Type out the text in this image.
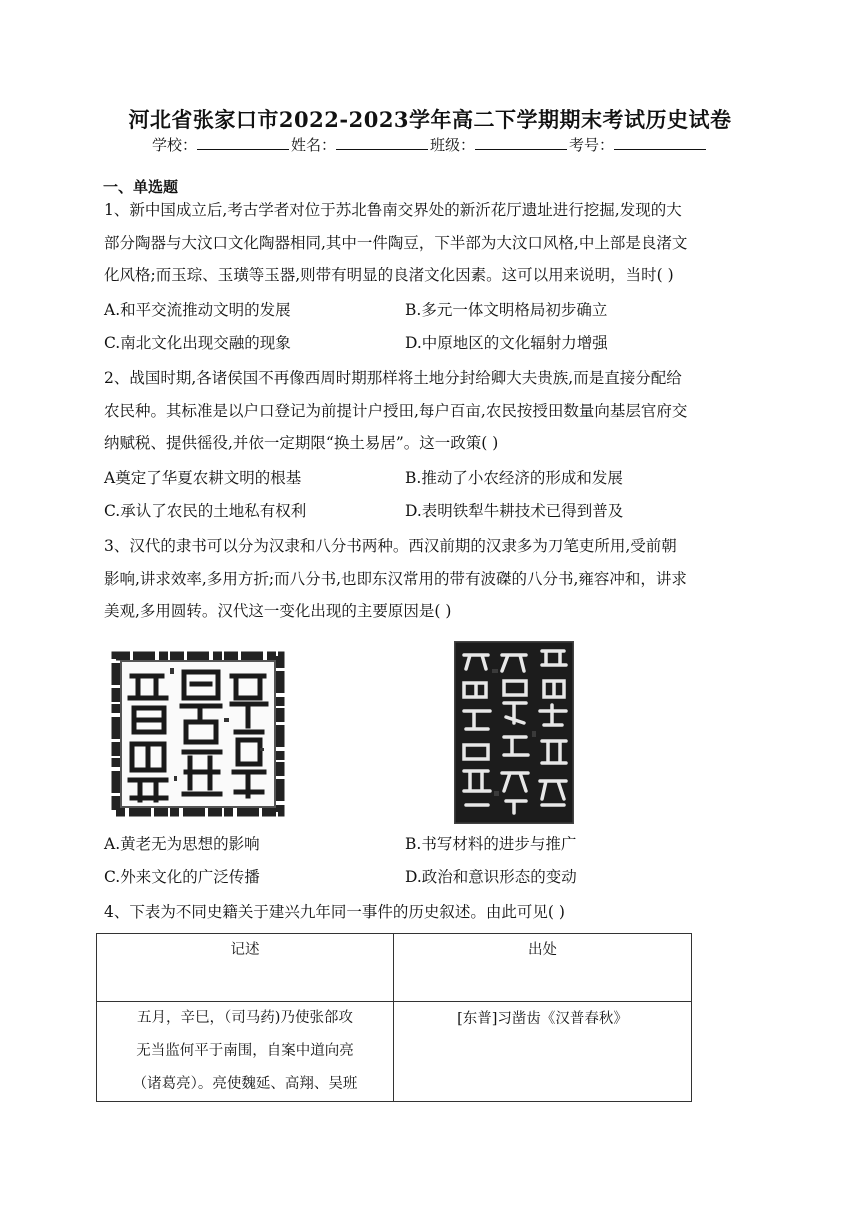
河北省张家口市2022-2023学年高二下学期期末考试历史试卷
学校：	姓名：	班级：	考号：
一、单选题
1、新中国成立后,考古学者对位于苏北鲁南交界处的新沂花厅遗址进行挖掘,发现的大
部分陶器与大汶口文化陶器相同,其中一件陶豆，下半部为大汶口风格,中上部是良渚文
化风格;而玉琮、玉璜等玉器,则带有明显的良渚文化因素。这可以用来说明，当时( )
A.和平交流推动文明的发展	B.多元一体文明格局初步确立
C.南北文化出现交融的现象	D.中原地区的文化辐射力增强
2、战国时期,各诸侯国不再像西周时期那样将土地分封给卿大夫贵族,而是直接分配给
农民种。其标准是以户口登记为前提计户授田,每户百亩,农民按授田数量向基层官府交
纳赋税、提供徭役,并依一定期限“换土易居”。这一政策( )
A奠定了华夏农耕文明的根基	B.推动了小农经济的形成和发展
C.承认了农民的土地私有权利	D.表明铁犁牛耕技术已得到普及
3、汉代的隶书可以分为汉隶和八分书两种。西汉前期的汉隶多为刀笔吏所用,受前朝
影响,讲求效率,多用方折;而八分书,也即东汉常用的带有波磔的八分书,雍容冲和，讲求
美观,多用圆转。汉代这一变化出现的主要原因是( )
A.黄老无为思想的影响	B.书写材料的进步与推广
C.外来文化的广泛传播	D.政治和意识形态的变动
4、下表为不同史籍关于建兴九年同一事件的历史叙述。由此可见( )
记述	出处

五月，辛巳，（司马药)乃使张郃攻
无当监何平于南围，自案中道向亮
（诸葛亮）。亮使魏延、高翔、吴班	[东普]习凿齿《汉普春秋》
